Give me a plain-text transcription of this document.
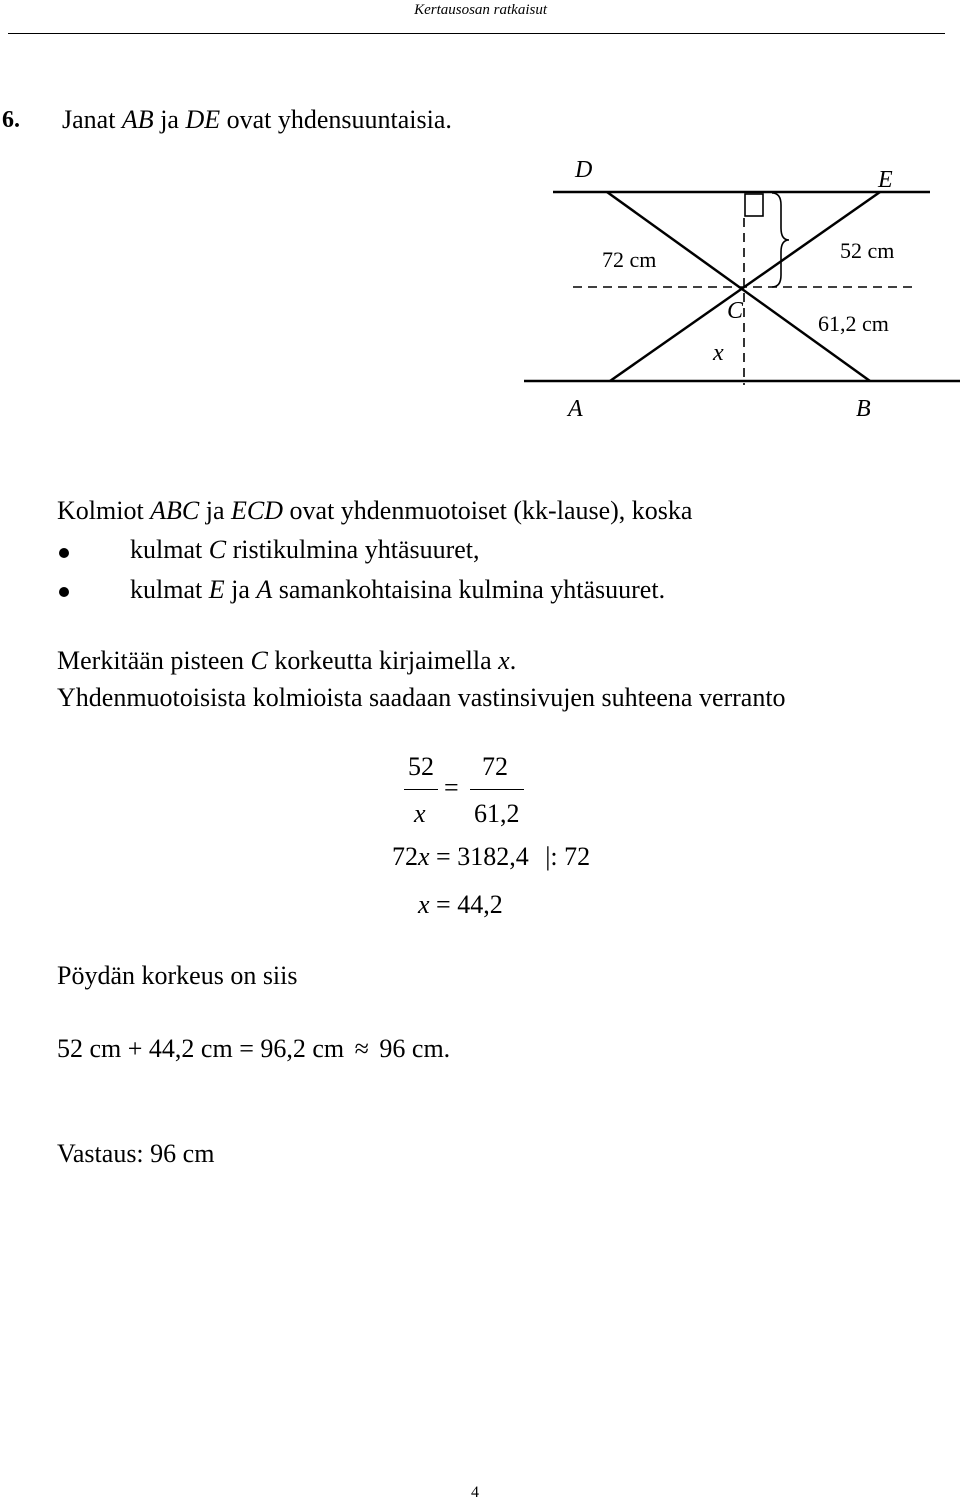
Kertausosan ratkaisut
6. Janat AB ja DE ovat yhdensuuntaisia.
D	E
C
A	B
x
72 cm	52 cm
61,2 cm
Kolmiot ABC ja ECD ovat yhdenmuotoiset (kk-lause), koska
kulmat C ristikulmina yhtäsuuret,
kulmat E ja A samankohtaisina kulmina yhtäsuuret.
Merkitään pisteen C korkeutta kirjaimella x.
Yhdenmuotoisista kolmioista saadaan vastinsivujen suhteena verranto
52
x
=
72
61,2
72x = 3182,4 |: 72
x = 44,2
Pöydän korkeus on siis
52 cm + 44,2 cm = 96,2 cm ≈ 96 cm.
Vastaus: 96 cm
4
